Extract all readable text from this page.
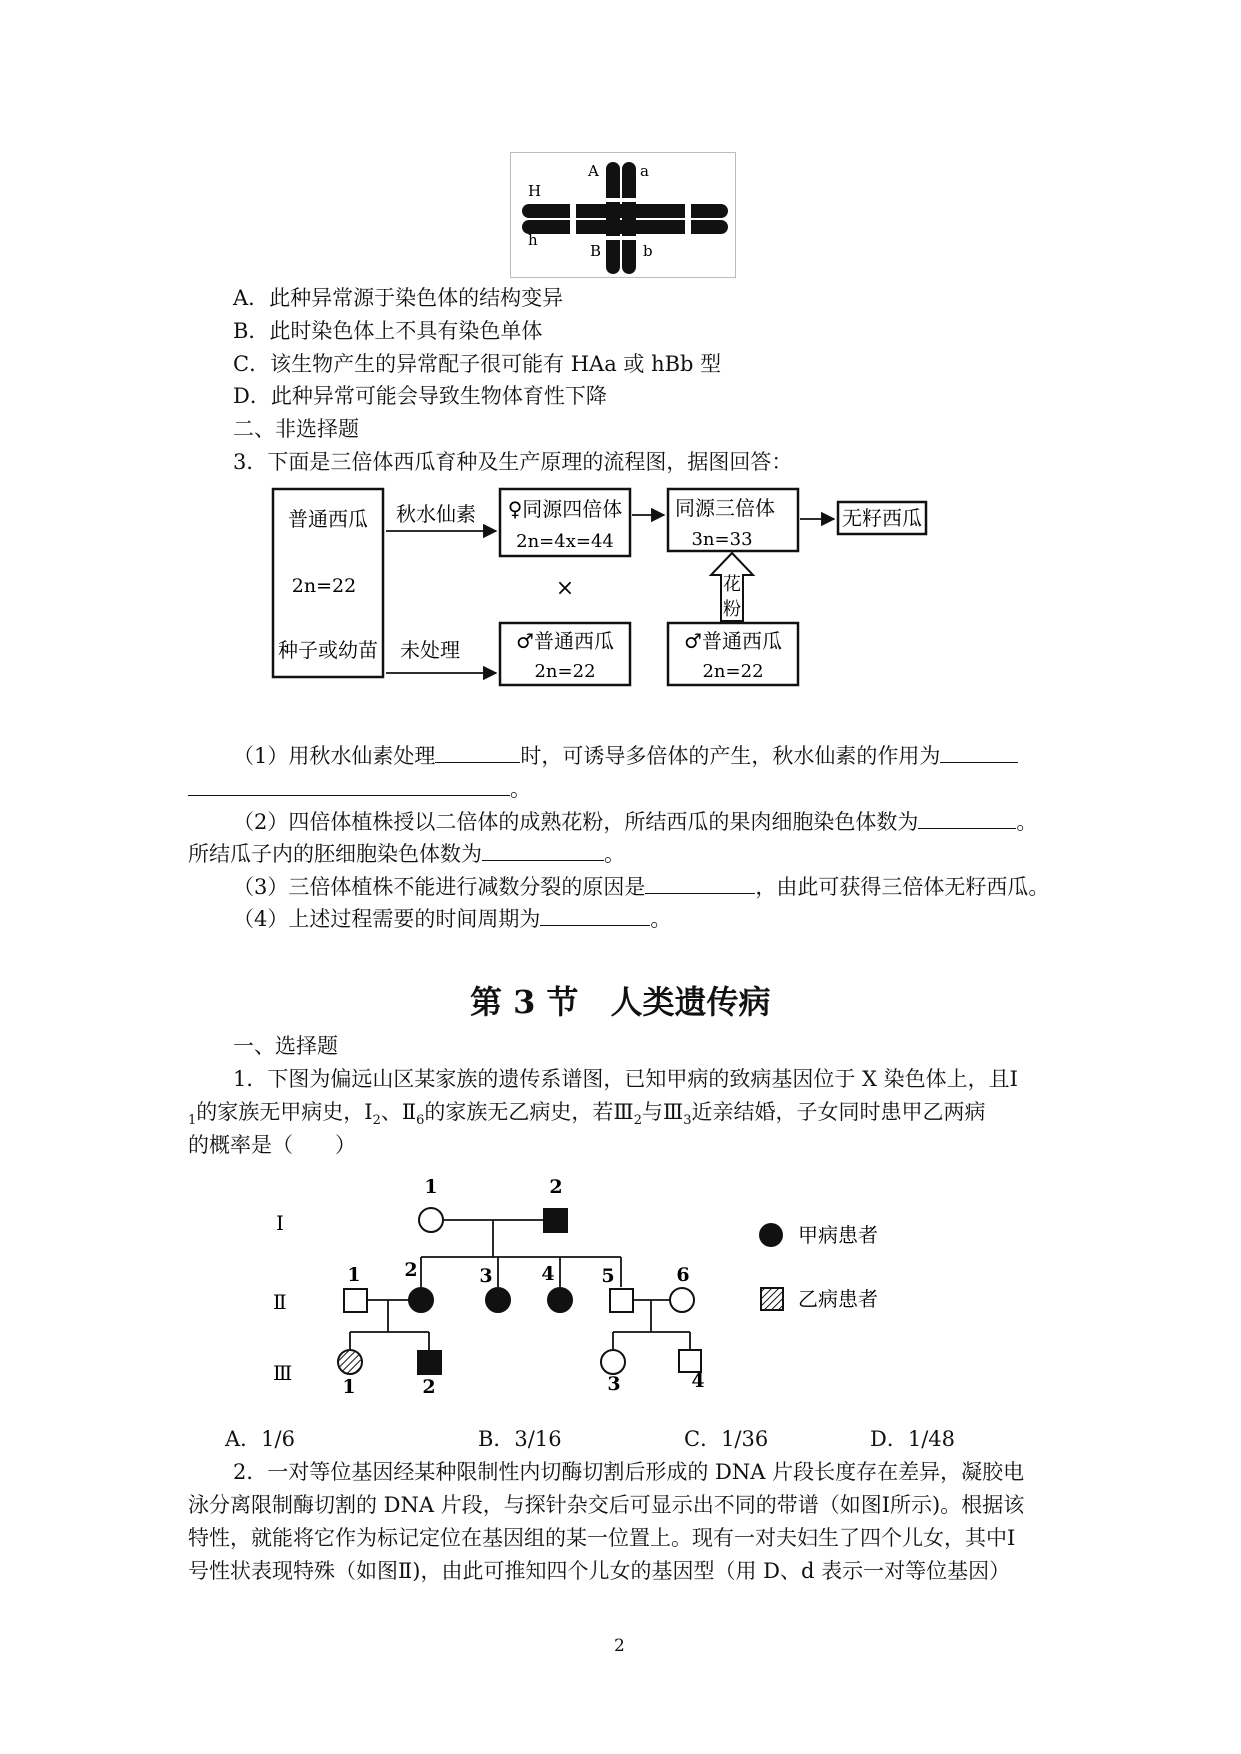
H
h
A	a
B	b
A．此种异常源于染色体的结构变异
B．此时染色体上不具有染色单体
C．该生物产生的异常配子很可能有 HAa 或 hBb 型
D．此种异常可能会导致生物体育性下降
二、非选择题
3．下面是三倍体西瓜育种及生产原理的流程图，据图回答：
普通西瓜
2n=22
种子或幼苗
秋水仙素
未处理
♀同源四倍体
2n=4x=44
×
♂普通西瓜
2n=22
同源三倍体
3n=33
花
粉
♂普通西瓜
2n=22
无籽西瓜
（1）用秋水仙素处理	时，可诱导多倍体的产生，秋水仙素的作用为
。
（2）四倍体植株授以二倍体的成熟花粉，所结西瓜的果肉细胞染色体数为	。
所结瓜子内的胚细胞染色体数为	。
（3）三倍体植株不能进行减数分裂的原因是	，由此可获得三倍体无籽西瓜。
（4）上述过程需要的时间周期为	。
第 3 节　人类遗传病
一、选择题
1．下图为偏远山区某家族的遗传系谱图，已知甲病的致病基因位于 X 染色体上，且Ⅰ
$_1$的家族无甲病史，$Ⅰ_2$、$Ⅱ_6$的家族无乙病史，若$Ⅲ_2$与$Ⅲ_3$近亲结婚，子女同时患甲乙两病
的概率是（　　）
Ⅰ
Ⅱ
Ⅲ
1	2
1 2	3	4 5	6
1	2	3	4
甲病患者
乙病患者
A．1/6	B．3/16	C．1/36	D．1/48
2．一对等位基因经某种限制性内切酶切割后形成的 DNA 片段长度存在差异，凝胶电
泳分离限制酶切割的 DNA 片段，与探针杂交后可显示出不同的带谱（如图Ⅰ所示)。根据该
特性，就能将它作为标记定位在基因组的某一位置上。现有一对夫妇生了四个儿女，其中Ⅰ
号性状表现特殊（如图Ⅱ)，由此可推知四个儿女的基因型（用 D、d 表示一对等位基因）
2
